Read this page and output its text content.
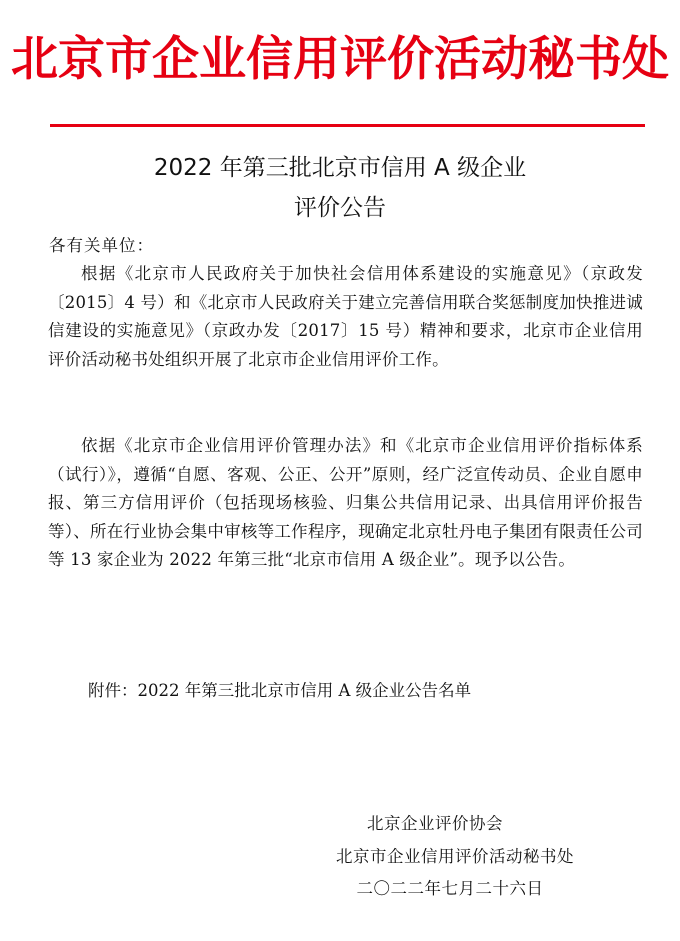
北京市企业信用评价活动秘书处
2022 年第三批北京市信用 A 级企业
评价公告
各有关单位：
根据《北京市人民政府关于加快社会信用体系建设的实施意见》（京政发〔2015〕4 号）和《北京市人民政府关于建立完善信用联合奖惩制度加快推进诚信建设的实施意见》（京政办发〔2017〕15 号）精神和要求，北京市企业信用评价活动秘书处组织开展了北京市企业信用评价工作。
依据《北京市企业信用评价管理办法》和《北京市企业信用评价指标体系（试行）》，遵循“自愿、客观、公正、公开”原则，经广泛宣传动员、企业自愿申报、第三方信用评价（包括现场核验、归集公共信用记录、出具信用评价报告等）、所在行业协会集中审核等工作程序，现确定北京牡丹电子集团有限责任公司等 13 家企业为 2022 年第三批“北京市信用 A 级企业”。现予以公告。
附件：2022 年第三批北京市信用 A 级企业公告名单
北京企业评价协会
北京市企业信用评价活动秘书处
二〇二二年七月二十六日
